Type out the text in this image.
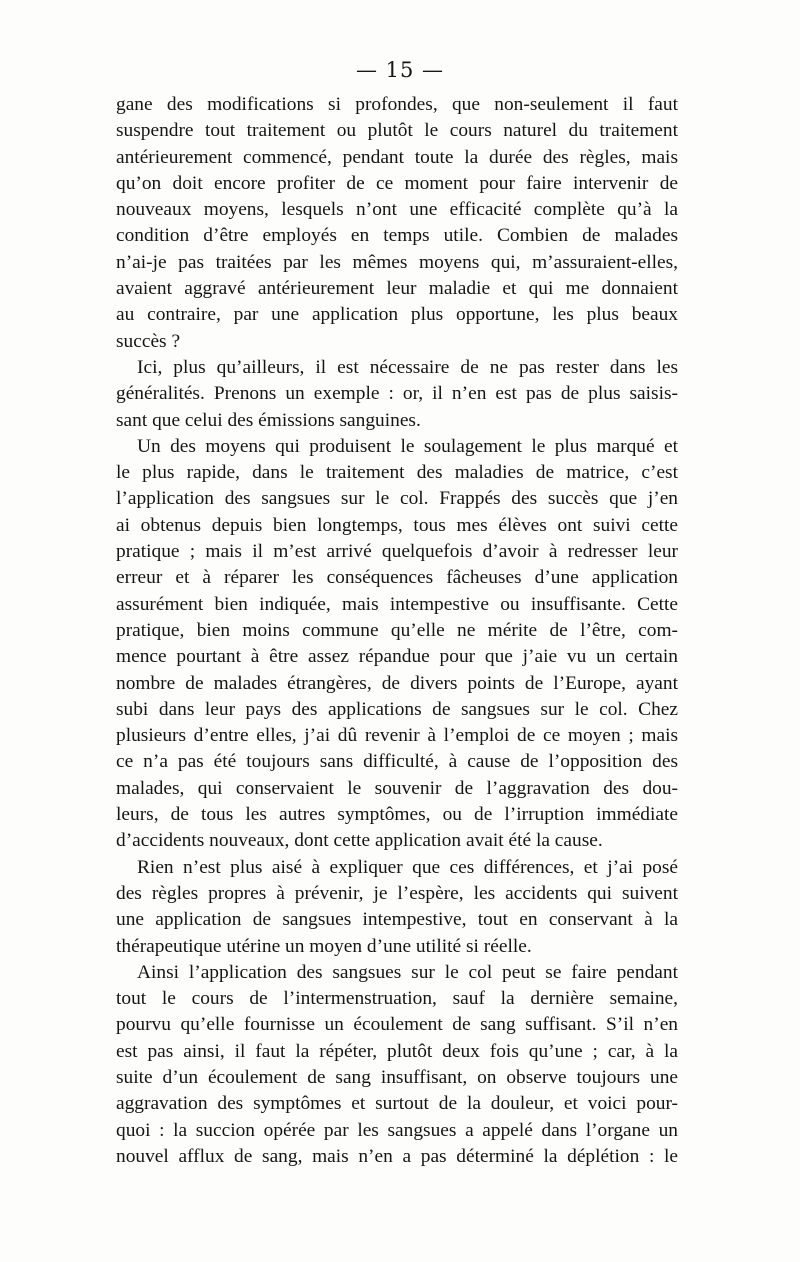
— 15 —
gane des modifications si profondes, que non-seulement il faut
suspendre tout traitement ou plutôt le cours naturel du traitement
antérieurement commencé, pendant toute la durée des règles, mais
qu’on doit encore profiter de ce moment pour faire intervenir de
nouveaux moyens, lesquels n’ont une efficacité complète qu’à la
condition d’être employés en temps utile. Combien de malades
n’ai-je pas traitées par les mêmes moyens qui, m’assuraient-elles,
avaient aggravé antérieurement leur maladie et qui me donnaient
au contraire, par une application plus opportune, les plus beaux
succès ?
Ici, plus qu’ailleurs, il est nécessaire de ne pas rester dans les
généralités. Prenons un exemple : or, il n’en est pas de plus saisis-
sant que celui des émissions sanguines.
Un des moyens qui produisent le soulagement le plus marqué et
le plus rapide, dans le traitement des maladies de matrice, c’est
l’application des sangsues sur le col. Frappés des succès que j’en
ai obtenus depuis bien longtemps, tous mes élèves ont suivi cette
pratique ; mais il m’est arrivé quelquefois d’avoir à redresser leur
erreur et à réparer les conséquences fâcheuses d’une application
assurément bien indiquée, mais intempestive ou insuffisante. Cette
pratique, bien moins commune qu’elle ne mérite de l’être, com-
mence pourtant à être assez répandue pour que j’aie vu un certain
nombre de malades étrangères, de divers points de l’Europe, ayant
subi dans leur pays des applications de sangsues sur le col. Chez
plusieurs d’entre elles, j’ai dû revenir à l’emploi de ce moyen ; mais
ce n’a pas été toujours sans difficulté, à cause de l’opposition des
malades, qui conservaient le souvenir de l’aggravation des dou-
leurs, de tous les autres symptômes, ou de l’irruption immédiate
d’accidents nouveaux, dont cette application avait été la cause.
Rien n’est plus aisé à expliquer que ces différences, et j’ai posé
des règles propres à prévenir, je l’espère, les accidents qui suivent
une application de sangsues intempestive, tout en conservant à la
thérapeutique utérine un moyen d’une utilité si réelle.
Ainsi l’application des sangsues sur le col peut se faire pendant
tout le cours de l’intermenstruation, sauf la dernière semaine,
pourvu qu’elle fournisse un écoulement de sang suffisant. S’il n’en
est pas ainsi, il faut la répéter, plutôt deux fois qu’une ; car, à la
suite d’un écoulement de sang insuffisant, on observe toujours une
aggravation des symptômes et surtout de la douleur, et voici pour-
quoi : la succion opérée par les sangsues a appelé dans l’organe un
nouvel afflux de sang, mais n’en a pas déterminé la déplétion : le
